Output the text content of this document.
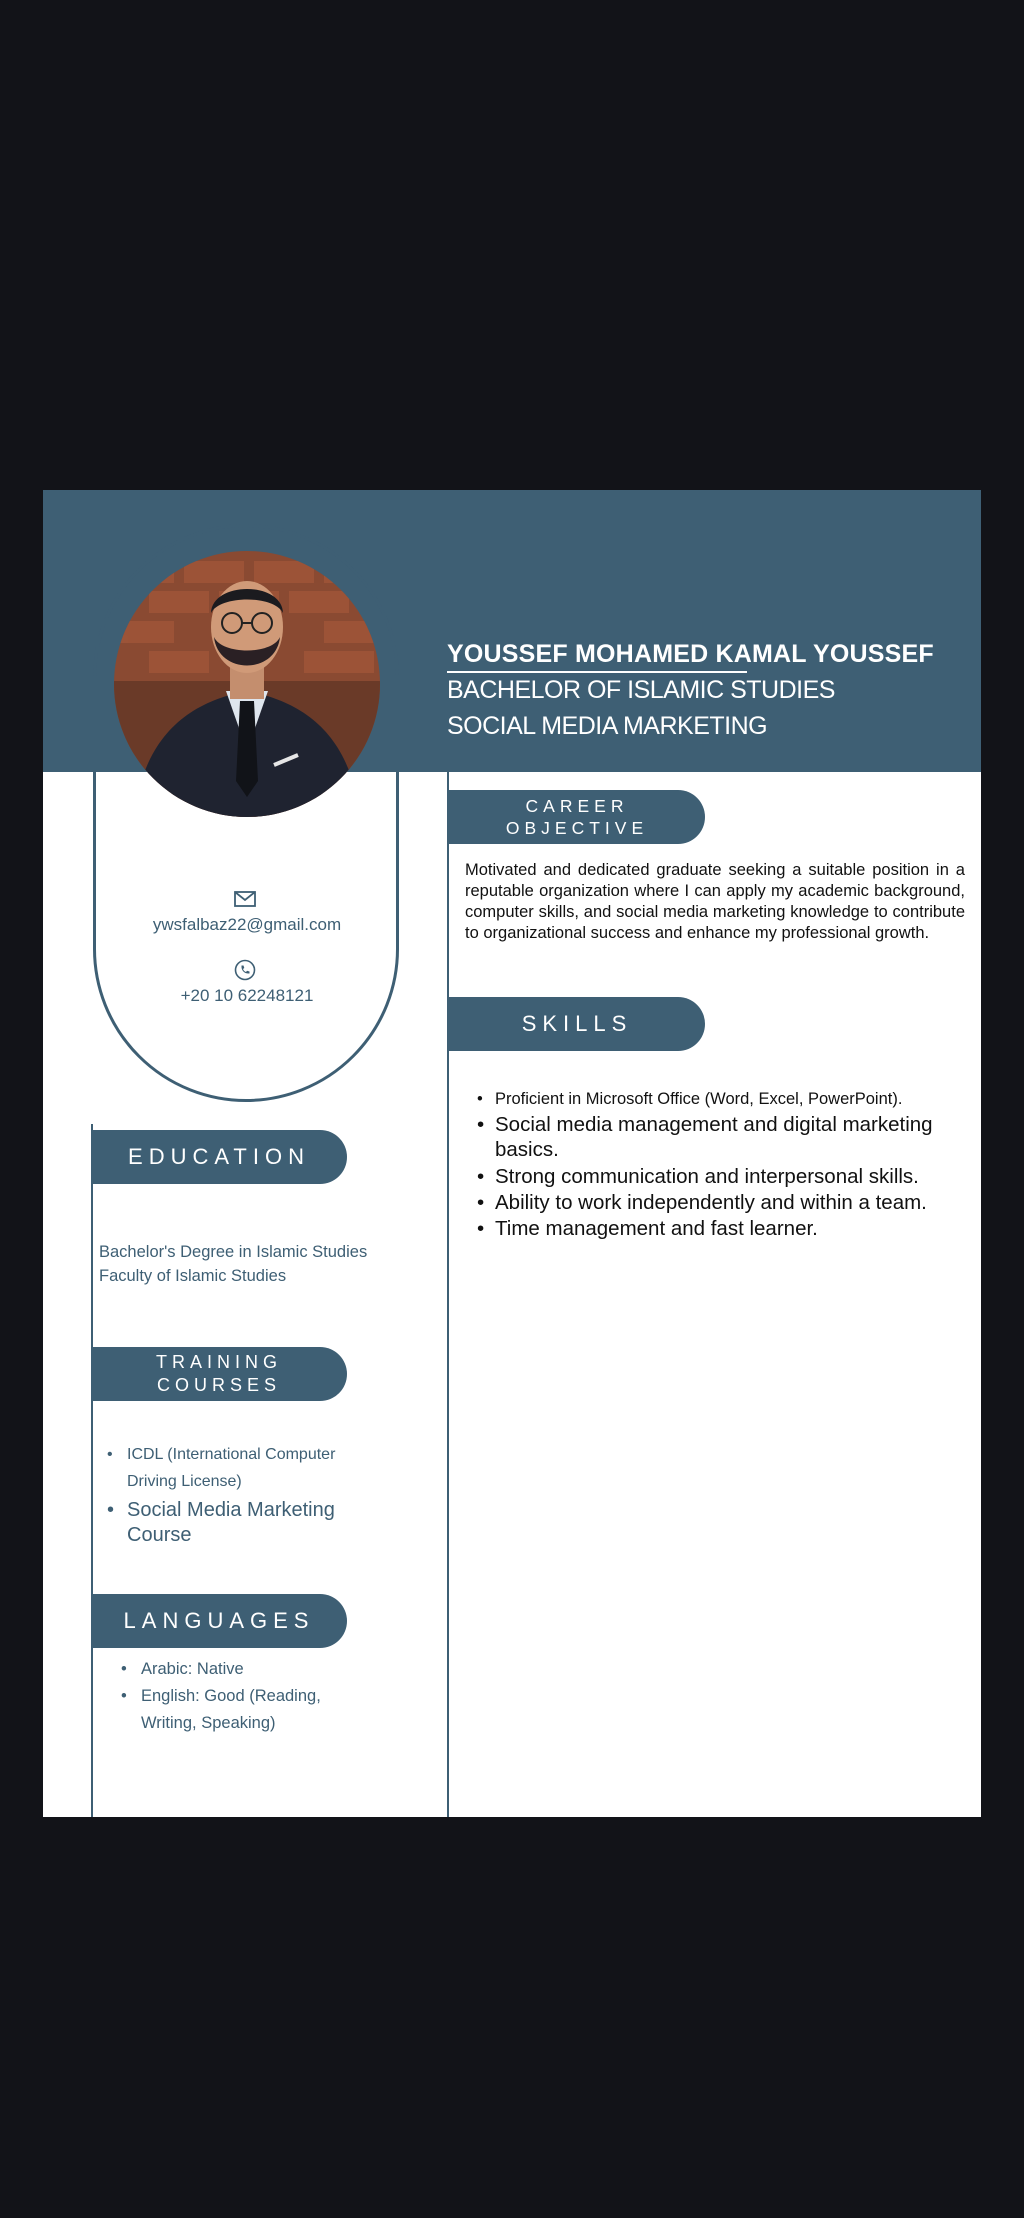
ywsfalbaz22@gmail.com
+20 10 62248121
YOUSSEF MOHAMED KAMAL YOUSSEF
BACHELOR OF ISLAMIC STUDIES
SOCIAL MEDIA MARKETING
CAREER
OBJECTIVE
Motivated and dedicated graduate seeking a suitable position in a reputable organization where I can apply my academic background, computer skills, and social media marketing knowledge to contribute to organizational success and enhance my professional growth.
SKILLS
• Proficient in Microsoft Office (Word, Excel, PowerPoint).
• Social media management and digital marketing basics.
• Strong communication and interpersonal skills.
• Ability to work independently and within a team.
• Time management and fast learner.
EDUCATION
Bachelor's Degree in Islamic Studies
Faculty of Islamic Studies
TRAINING
COURSES
• ICDL (International Computer Driving License)
• Social Media Marketing Course
LANGUAGES
• Arabic: Native
• English: Good (Reading, Writing, Speaking)
